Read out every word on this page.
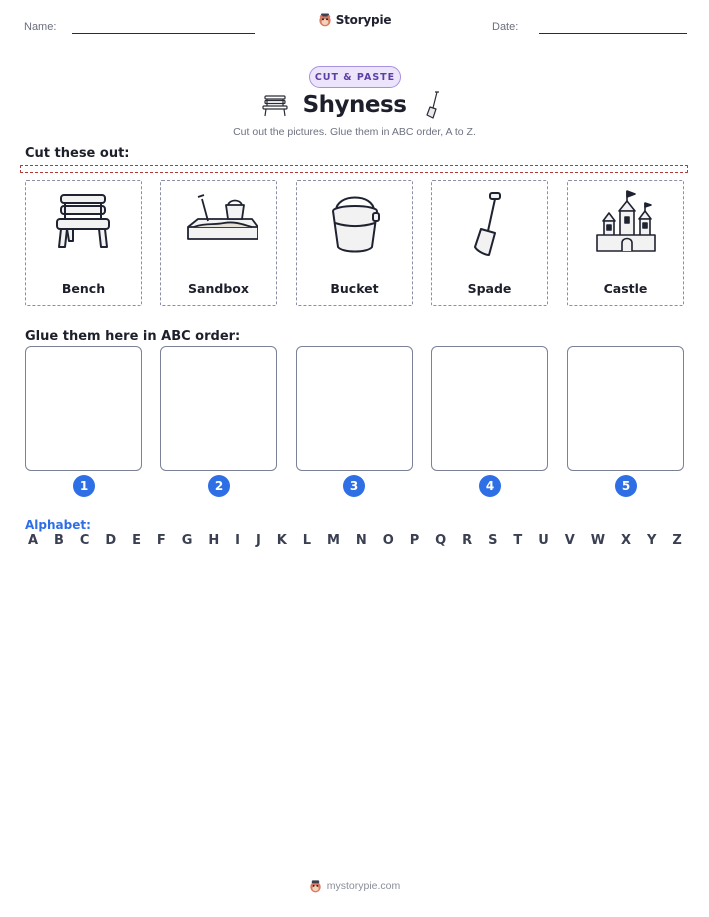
Name:
Storypie
Date:
CUT & PASTE
Shyness
Cut out the pictures. Glue them in ABC order, A to Z.
Cut these out:
Bench	Sandbox	Bucket	Spade	Castle
Glue them here in ABC order:
1	2	3	4	5
Alphabet:
A B C D E F G H I J K L M N O P Q R S T U V W X Y Z
mystorypie.com
